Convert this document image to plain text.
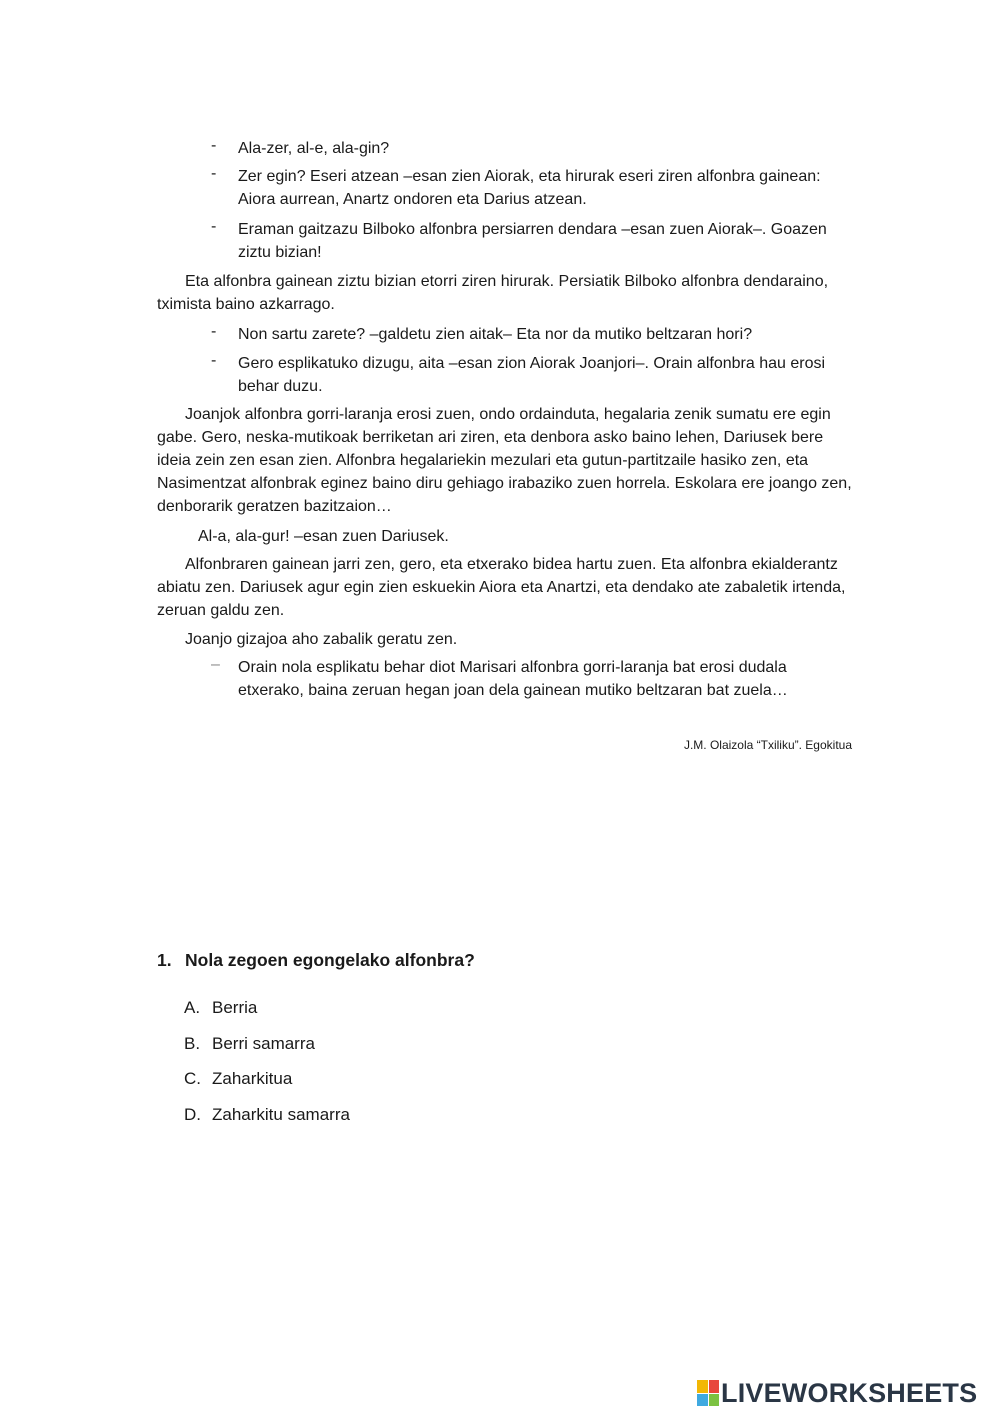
-	Ala-zer, al-e, ala-gin?
-	Zer egin? Eseri atzean –esan zien Aiorak, eta hirurak eseri ziren alfonbra gainean: Aiora aurrean, Anartz ondoren eta Darius atzean.
-	Eraman gaitzazu Bilboko alfonbra persiarren dendara –esan zuen Aiorak–. Goazen ziztu bizian!
Eta alfonbra gainean ziztu bizian etorri ziren hirurak. Persiatik Bilboko alfonbra dendaraino, tximista baino azkarrago.
-	Non sartu zarete? –galdetu zien aitak– Eta nor da mutiko beltzaran hori?
-	Gero esplikatuko dizugu, aita –esan zion Aiorak Joanjori–. Orain alfonbra hau erosi behar duzu.
Joanjok alfonbra gorri-laranja erosi zuen, ondo ordainduta, hegalaria zenik sumatu ere egin gabe. Gero, neska-mutikoak berriketan ari ziren, eta denbora asko baino lehen, Dariusek bere ideia zein zen esan zien. Alfonbra hegalariekin mezulari eta gutun-partitzaile hasiko zen, eta Nasimentzat alfonbrak eginez baino diru gehiago irabaziko zuen horrela. Eskolara ere joango zen, denborarik geratzen bazitzaion…
Al-a, ala-gur! –esan zuen Dariusek.
Alfonbraren gainean jarri zen, gero, eta etxerako bidea hartu zuen. Eta alfonbra ekialderantz abiatu zen. Dariusek agur egin zien eskuekin Aiora eta Anartzi, eta dendako ate zabaletik irtenda, zeruan galdu zen.
Joanjo gizajoa aho zabalik geratu zen.
–	Orain nola esplikatu behar diot Marisari alfonbra gorri-laranja bat erosi dudala etxerako, baina zeruan hegan joan dela gainean mutiko beltzaran bat zuela…
J.M. Olaizola “Txiliku”. Egokitua
1. Nola zegoen egongelako alfonbra?
A. Berria
B. Berri samarra
C. Zaharkitua
D. Zaharkitu samarra
LIVEWORKSHEETS
